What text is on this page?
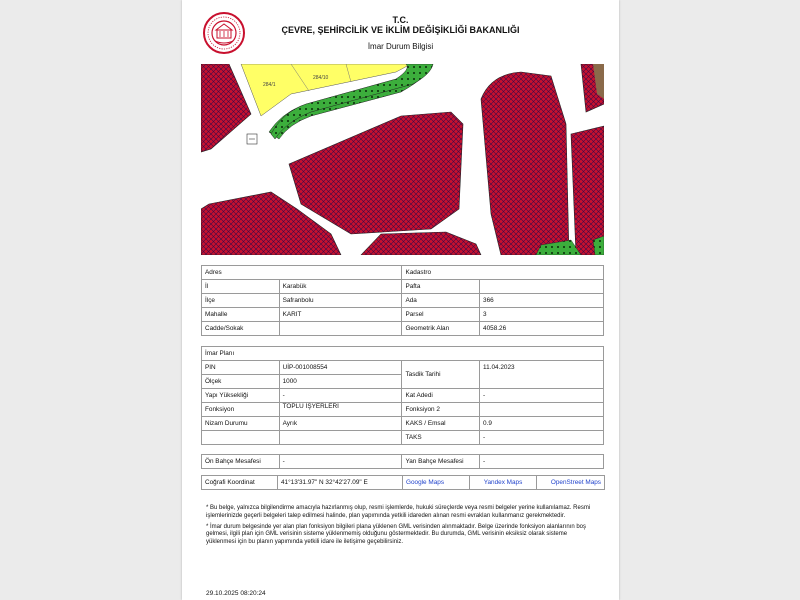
T.C.
ÇEVRE, ŞEHİRCİLİK VE İKLİM DEĞİŞİKLİĞİ BAKANLIĞI
İmar Durum Bilgisi
284/1
284/10
Adres		Kadastro	
İl	Karabük	Pafta	
İlçe	Safranbolu	Ada	366
Mahalle	KARIT	Parsel	3
Cadde/Sokak		Geometrik Alan	4058.26
İmar Planı			
PIN	UİP-001008554	Tasdik Tarihi	11.04.2023
Ölçek	1000		
Yapı Yüksekliği	-	Kat Adedi	-
Fonksiyon	TOPLU İŞYERLERİ	Fonksiyon 2	
Nizam Durumu	Ayrık	KAKS / Emsal	0.9
		TAKS	-
Ön Bahçe Mesafesi	-	Yan Bahçe Mesafesi	-
Coğrafi Koordinat	41°13'31.97" N 32°42'27.09" E	Google Maps	Yandex Maps	OpenStreet Maps

* Bu belge, yalnızca bilgilendirme amacıyla hazırlanmış olup, resmi işlemlerde, hukuki süreçlerde veya resmi belgeler yerine kullanılamaz. Resmi işlemlerinizde geçerli belgeleri talep edilmesi halinde, plan yapımında yetkili idareden alınan resmi evrakları kullanmanız gerekmektedir.

* İmar durum belgesinde yer alan plan fonksiyon bilgileri plana yüklenen GML verisinden alınmaktadır. Belge üzerinde fonksiyon alanlarının boş gelmesi, ilgili plan için GML verisinin sisteme yüklenmemiş olduğunu göstermektedir. Bu durumda, GML verisinin eksiksiz olarak sisteme yüklenmesi için bu planın yapımında yetkili idare ile iletişime geçebilirsiniz.

29.10.2025 08:20:24
